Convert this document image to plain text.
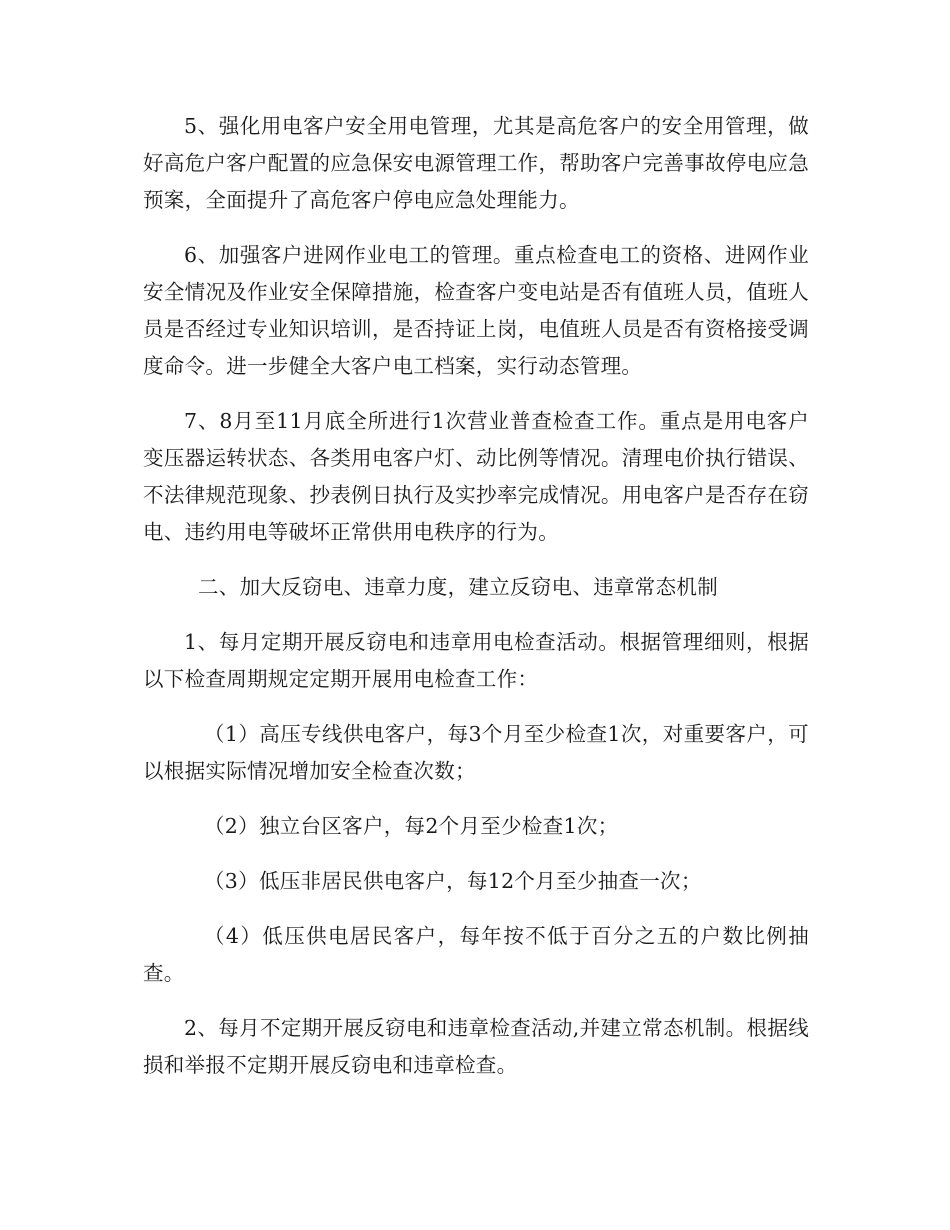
5、强化用电客户安全用电管理，尤其是高危客户的安全用管理，做好高危户客户配置的应急保安电源管理工作，帮助客户完善事故停电应急预案，全面提升了高危客户停电应急处理能力。

6、加强客户进网作业电工的管理。重点检查电工的资格、进网作业安全情况及作业安全保障措施，检查客户变电站是否有值班人员，值班人员是否经过专业知识培训，是否持证上岗，电值班人员是否有资格接受调度命令。进一步健全大客户电工档案，实行动态管理。

7、8月至11月底全所进行1次营业普查检查工作。重点是用电客户变压器运转状态、各类用电客户灯、动比例等情况。清理电价执行错误、不法律规范现象、抄表例日执行及实抄率完成情况。用电客户是否存在窃电、违约用电等破坏正常供用电秩序的行为。

二、加大反窃电、违章力度，建立反窃电、违章常态机制

1、每月定期开展反窃电和违章用电检查活动。根据管理细则，根据以下检查周期规定定期开展用电检查工作：

（1）高压专线供电客户，每3个月至少检查1次，对重要客户，可以根据实际情况增加安全检查次数；

（2）独立台区客户，每2个月至少检查1次；

（3）低压非居民供电客户，每12个月至少抽查一次；

（4）低压供电居民客户，每年按不低于百分之五的户数比例抽查。

2、每月不定期开展反窃电和违章检查活动,并建立常态机制。根据线损和举报不定期开展反窃电和违章检查。
